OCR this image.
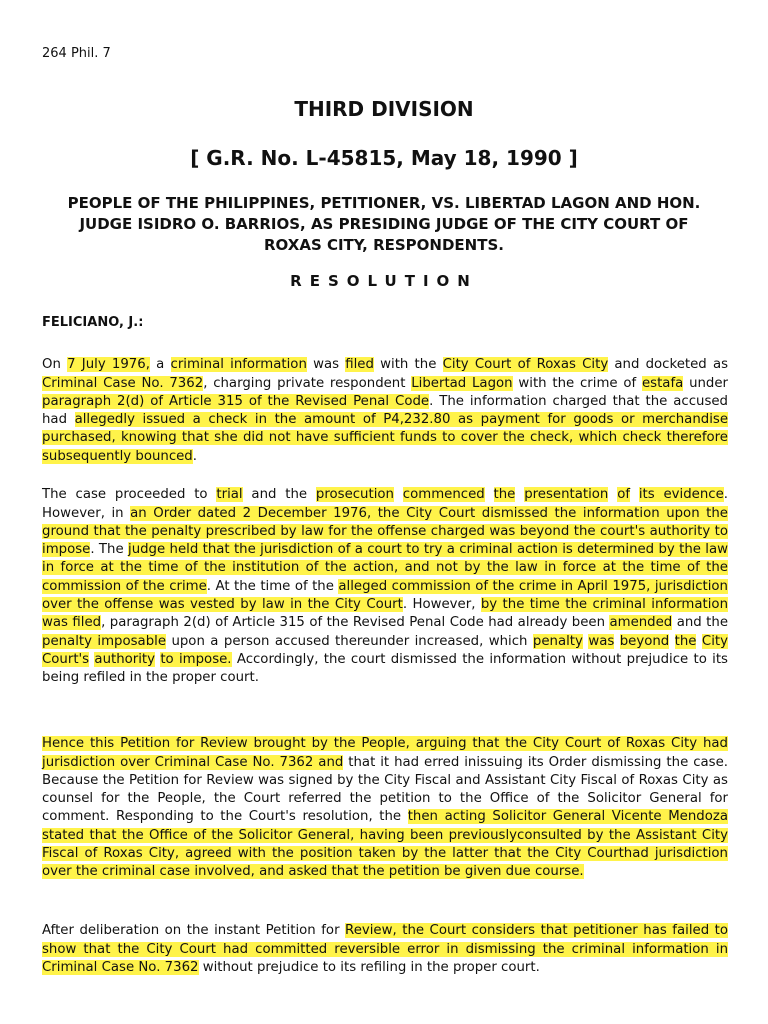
264 Phil. 7
THIRD DIVISION
[ G.R. No. L-45815, May 18, 1990 ]
PEOPLE OF THE PHILIPPINES, PETITIONER, VS. LIBERTAD LAGON AND HON. JUDGE ISIDRO O. BARRIOS, AS PRESIDING JUDGE OF THE CITY COURT OF ROXAS CITY, RESPONDENTS.
RESOLUTION
FELICIANO, J.:

On 7 July 1976, a criminal information was filed with the City Court of Roxas City and docketed as Criminal Case No. 7362, charging private respondent Libertad Lagon with the crime of estafa under paragraph 2(d) of Article 315 of the Revised Penal Code. The information charged that the accused had allegedly issued a check in the amount of P4,232.80 as payment for goods or merchandise purchased, knowing that she did not have sufficient funds to cover the check, which check therefore subsequently bounced.

The case proceeded to trial and the prosecution commenced the presentation of its evidence. However, in an Order dated 2 December 1976, the City Court dismissed the information upon the ground that the penalty prescribed by law for the offense charged was beyond the court's authority to impose. The judge held that the jurisdiction of a court to try a criminal action is determined by the law in force at the time of the institution of the action, and not by the law in force at the time of the commission of the crime. At the time of the alleged commission of the crime in April 1975, jurisdiction over the offense was vested by law in the City Court. However, by the time the criminal information was filed, paragraph 2(d) of Article 315 of the Revised Penal Code had already been amended and the penalty imposable upon a person accused thereunder increased, which penalty was beyond the City Court's authority to impose. Accordingly, the court dismissed the information without prejudice to its being refiled in the proper court.

Hence this Petition for Review brought by the People, arguing that the City Court of Roxas City had jurisdiction over Criminal Case No. 7362 and that it had erred inissuing its Order dismissing the case. Because the Petition for Review was signed by the City Fiscal and Assistant City Fiscal of Roxas City as counsel for the People, the Court referred the petition to the Office of the Solicitor General for comment. Responding to the Court's resolution, the then acting Solicitor General Vicente Mendoza stated that the Office of the Solicitor General, having been previouslyconsulted by the Assistant City Fiscal of Roxas City, agreed with the position taken by the latter that the City Courthad jurisdiction over the criminal case involved, and asked that the petition be given due course.

After deliberation on the instant Petition for Review, the Court considers that petitioner has failed to show that the City Court had committed reversible error in dismissing the criminal information in Criminal Case No. 7362 without prejudice to its refiling in the proper court.
